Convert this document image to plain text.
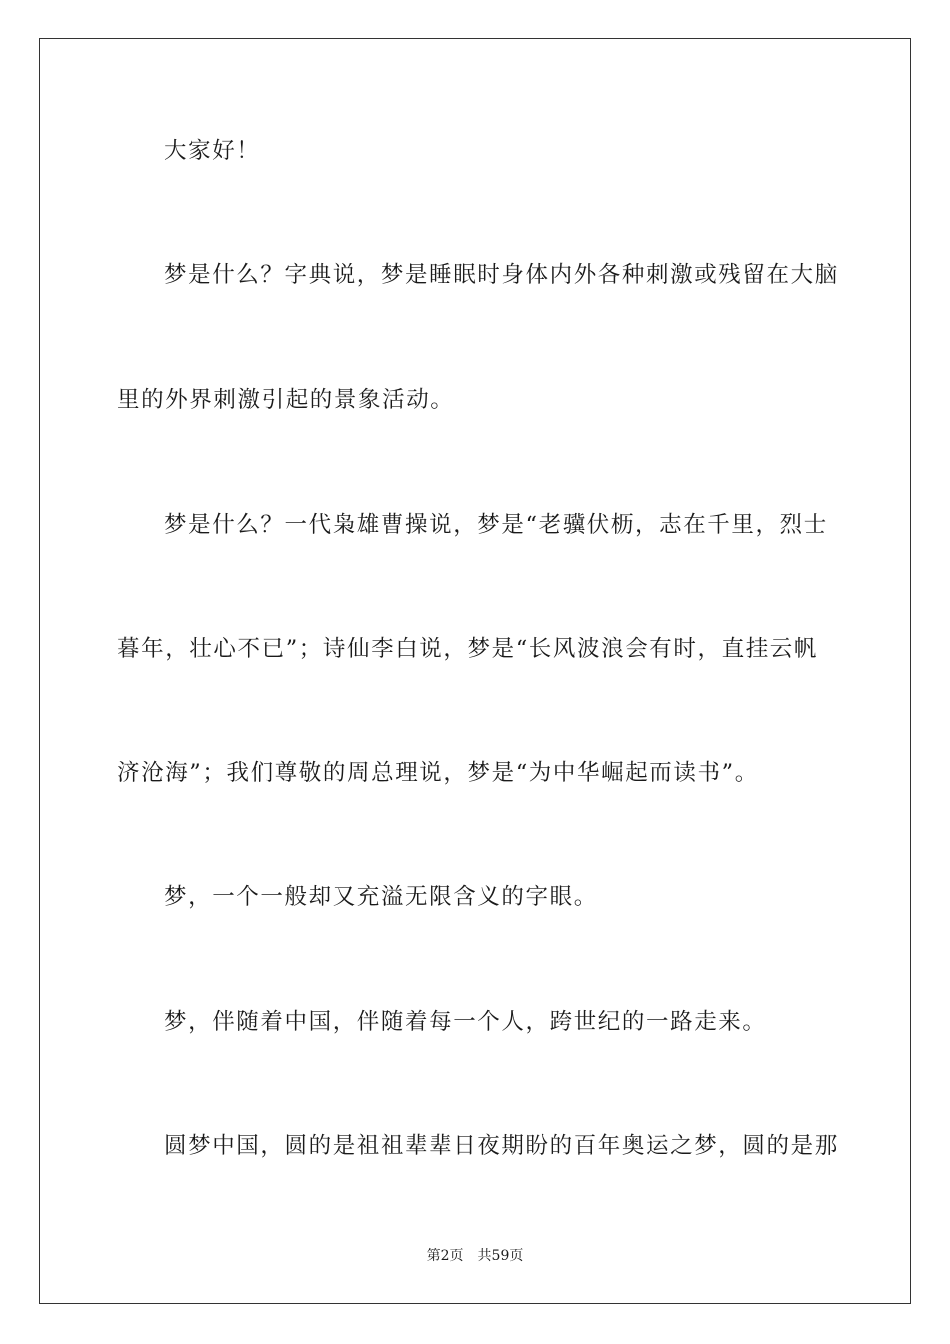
大家好！
梦是什么？字典说，梦是睡眠时身体内外各种刺激或残留在大脑
里的外界刺激引起的景象活动。
梦是什么？一代枭雄曹操说，梦是“老骥伏枥，志在千里，烈士
暮年，壮心不已”；诗仙李白说，梦是“长风波浪会有时，直挂云帆
济沧海”；我们尊敬的周总理说，梦是“为中华崛起而读书”。
梦，一个一般却又充溢无限含义的字眼。
梦，伴随着中国，伴随着每一个人，跨世纪的一路走来。
圆梦中国，圆的是祖祖辈辈日夜期盼的百年奥运之梦，圆的是那
第2页 共59页
